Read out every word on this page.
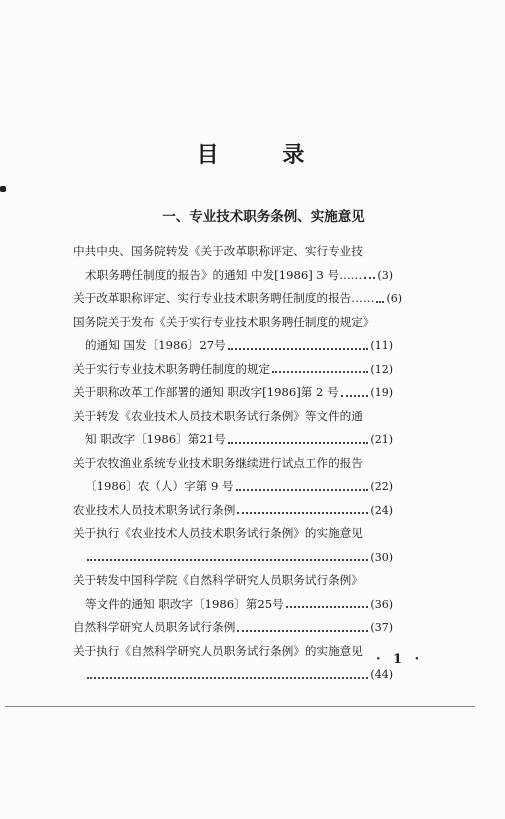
目 录
一、专业技术职务条例、实施意见
中共中央、国务院转发《关于改革职称评定、实行专业技
术职务聘任制度的报告》的通知 中发[1986] 3 号…… (3)
关于改革职称评定、实行专业技术职务聘任制度的报告…… (6)
国务院关于发布《关于实行专业技术职务聘任制度的规定》
的通知 国发〔1986〕27号	(11)
关于实行专业技术职务聘任制度的规定	(12)
关于职称改革工作部署的通知 职改字[1986]第 2 号	(19)
关于转发《农业技术人员技术职务试行条例》等文件的通
知 职改字〔1986〕第21号	(21)
关于农牧渔业系统专业技术职务继续进行试点工作的报告
〔1986〕农（人）字第 9 号	(22)
农业技术人员技术职务试行条例	(24)
关于执行《农业技术人员技术职务试行条例》的实施意见
(30)
关于转发中国科学院《自然科学研究人员职务试行条例》
等文件的通知 职改字〔1986〕第25号	(36)
自然科学研究人员职务试行条例	(37)
关于执行《自然科学研究人员职务试行条例》的实施意见
(44)
· 1 ·
